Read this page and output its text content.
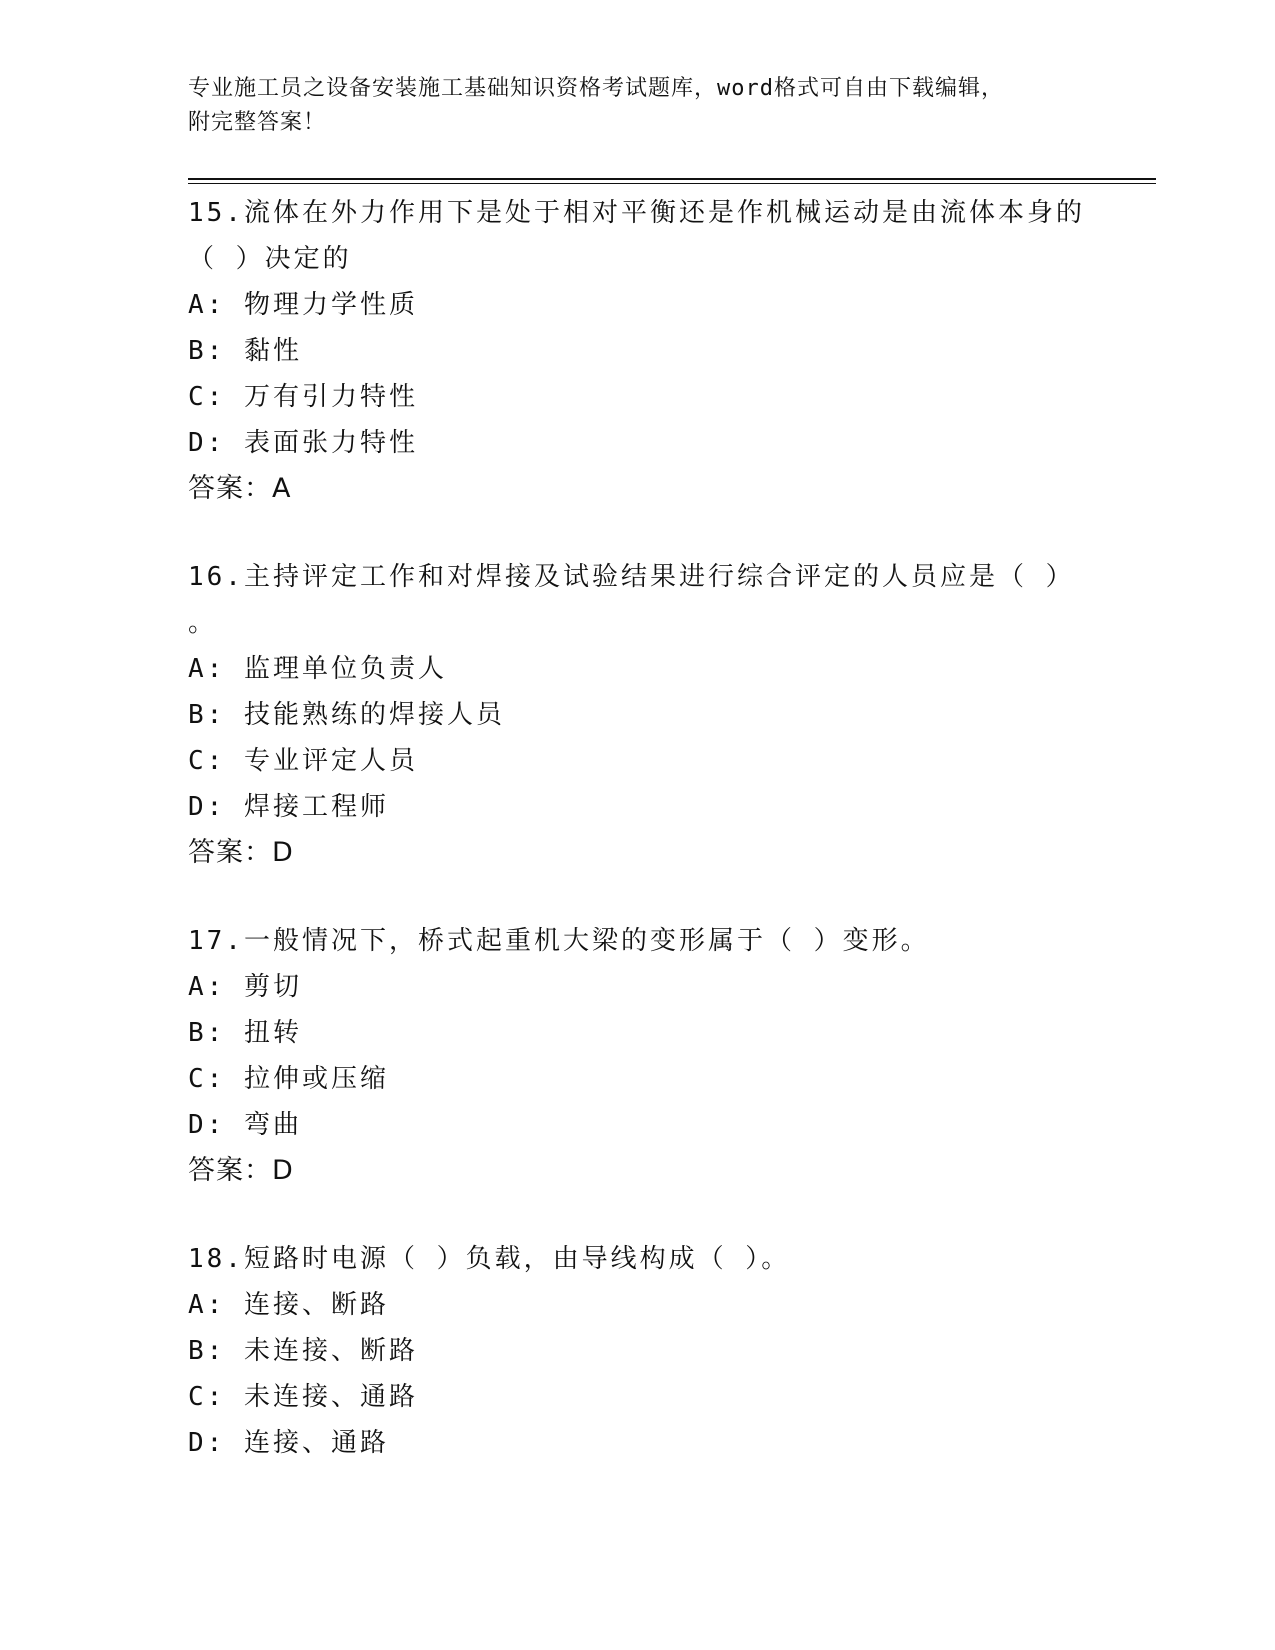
专业施工员之设备安装施工基础知识资格考试题库，word格式可自由下载编辑，
附完整答案！

15.流体在外力作用下是处于相对平衡还是作机械运动是由流体本身的

（ ）决定的

A: 物理力学性质

B: 黏性

C: 万有引力特性

D: 表面张力特性

答案：A

16.主持评定工作和对焊接及试验结果进行综合评定的人员应是（ ）

。

A: 监理单位负责人

B: 技能熟练的焊接人员

C: 专业评定人员

D: 焊接工程师

答案：D

17.一般情况下，桥式起重机大梁的变形属于（ ）变形。

A: 剪切

B: 扭转

C: 拉伸或压缩

D: 弯曲

答案：D

18.短路时电源（ ）负载，由导线构成（ ）。

A: 连接、断路

B: 未连接、断路

C: 未连接、通路

D: 连接、通路
